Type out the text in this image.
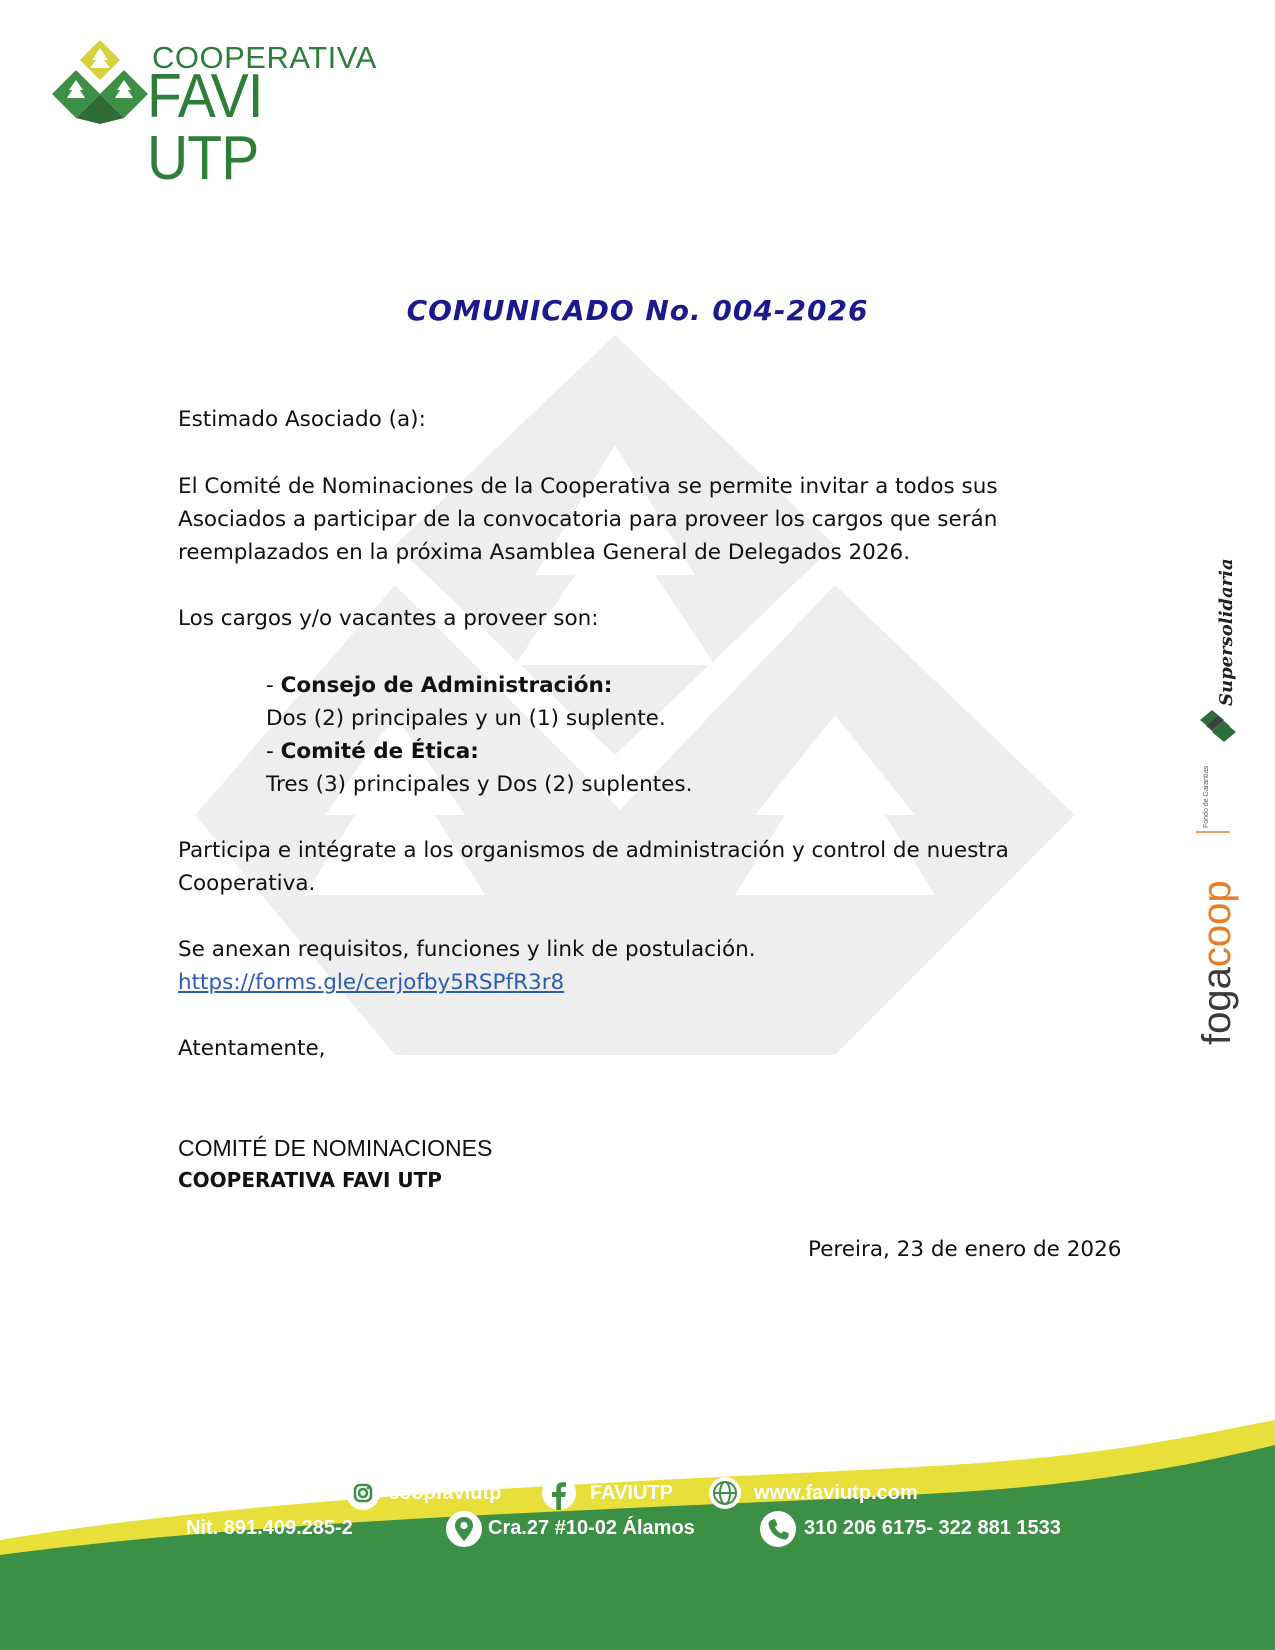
COOPERATIVA
FAVI UTP
COMUNICADO No. 004-2026
Estimado Asociado (a):
El Comité de Nominaciones de la Cooperativa se permite invitar a todos sus
Asociados a participar de la convocatoria para proveer los cargos que serán
reemplazados en la próxima Asamblea General de Delegados 2026.
Los cargos y/o vacantes a proveer son:
- Consejo de Administración:
Dos (2) principales y un (1) suplente.
- Comité de Ética:
Tres (3) principales y Dos (2) suplentes.
Participa e intégrate a los organismos de administración y control de nuestra
Cooperativa.
Se anexan requisitos, funciones y link de postulación.
https://forms.gle/cerjofby5RSPfR3r8
Atentamente,
COMITÉ DE NOMINACIONES
COOPERATIVA FAVI UTP
Pereira, 23 de enero de 2026
Supersolidaria
fogacoop
Fondo de Garantías
coopfaviutp	FAVIUTP	www.faviutp.com
Nit. 891.409.285-2	Cra.27 #10-02 Álamos	310 206 6175- 322 881 1533
